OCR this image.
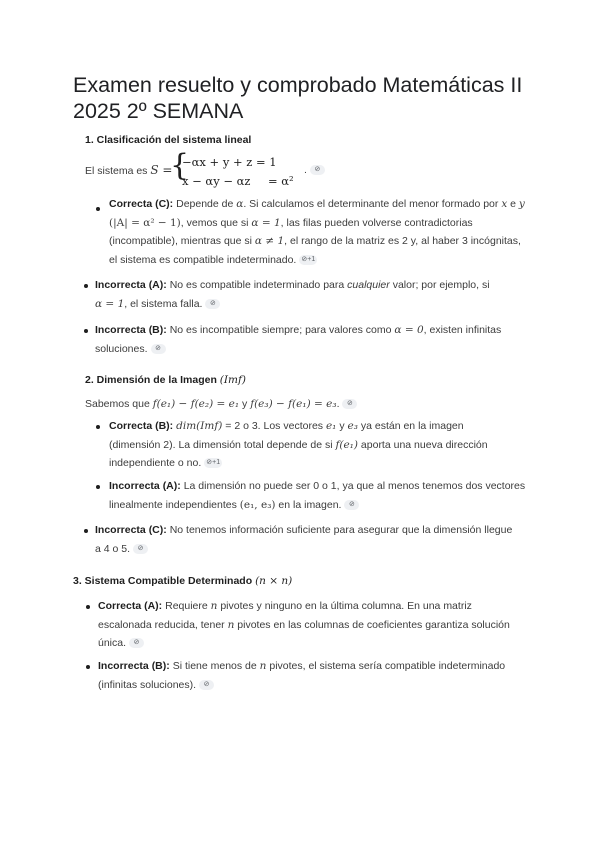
Examen resuelto y comprobado Matemáticas II 2025 2º SEMANA
1. Clasificación del sistema lineal
El sistema es S =
{
−αx + y + z = 1
x − αy − αz = α²
. ⊘
Correcta (C): Depende de α. Si calculamos el determinante del menor formado por x e y
(|A| = α² − 1), vemos que si α = 1, las filas pueden volverse contradictorias
(incompatible), mientras que si α ≠ 1, el rango de la matriz es 2 y, al haber 3 incógnitas,
el sistema es compatible indeterminado. ⊘+1
Incorrecta (A): No es compatible indeterminado para cualquier valor; por ejemplo, si
α = 1, el sistema falla. ⊘
Incorrecta (B): No es incompatible siempre; para valores como α = 0, existen infinitas
soluciones. ⊘
2. Dimensión de la Imagen (Imf)
Sabemos que f(e₁) − f(e₂) = e₁ y f(e₃) − f(e₁) = e₃. ⊘
Correcta (B): dim(Imf) = 2 o 3. Los vectores e₁ y e₃ ya están en la imagen
(dimensión 2). La dimensión total depende de si f(e₁) aporta una nueva dirección
independiente o no. ⊘+1
Incorrecta (A): La dimensión no puede ser 0 o 1, ya que al menos tenemos dos vectores
linealmente independientes (e₁, e₃) en la imagen. ⊘
Incorrecta (C): No tenemos información suficiente para asegurar que la dimensión llegue
a 4 o 5. ⊘
3. Sistema Compatible Determinado (n × n)
Correcta (A): Requiere n pivotes y ninguno en la última columna. En una matriz
escalonada reducida, tener n pivotes en las columnas de coeficientes garantiza solución
única. ⊘
Incorrecta (B): Si tiene menos de n pivotes, el sistema sería compatible indeterminado
(infinitas soluciones). ⊘
